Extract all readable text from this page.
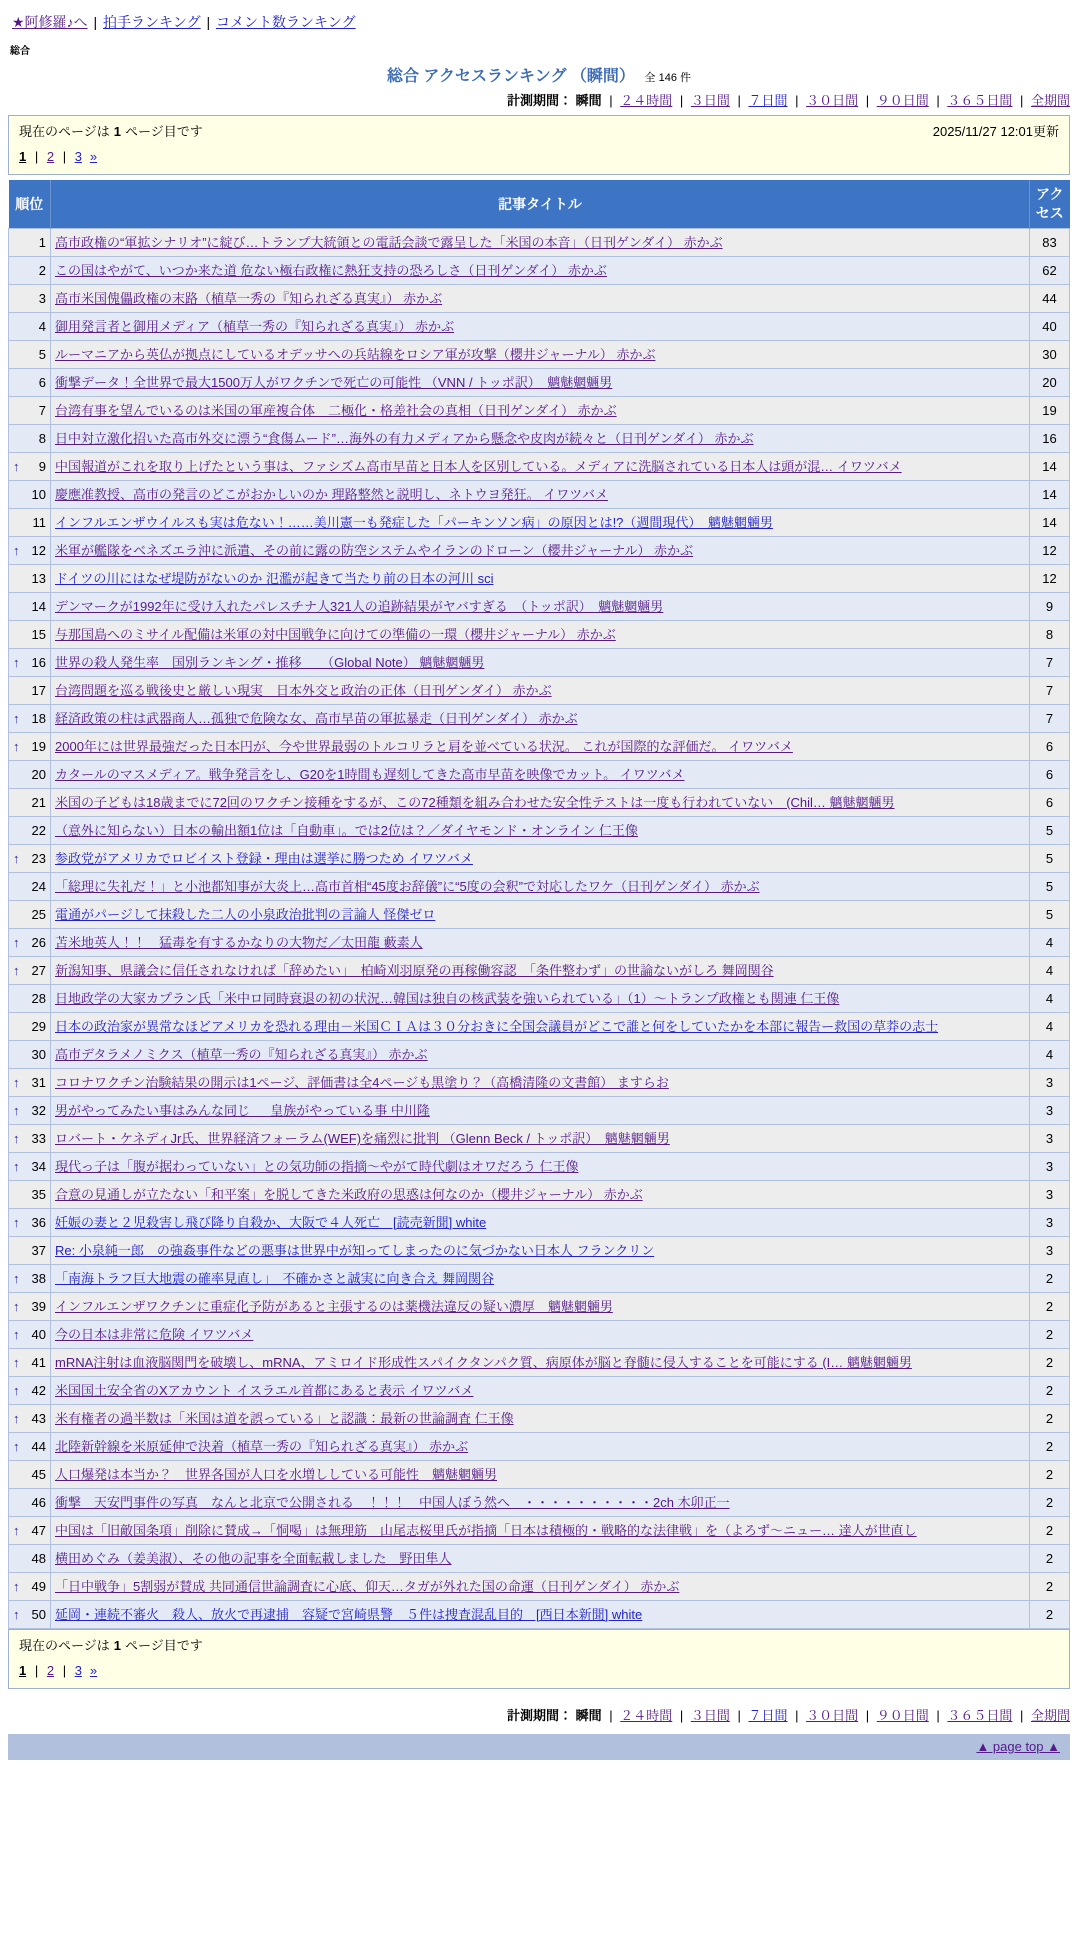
★阿修羅♪へ | 拍手ランキング | コメント数ランキング
総合
総合 アクセスランキング （瞬間） 全 146 件
計測期間： 瞬間 | ２４時間 | ３日間 | ７日間 | ３０日間 | ９０日間 | ３６５日間 | 全期間
現在のページは 1 ページ目です	2025/11/27 12:01更新
1 | 2 | 3 »
順位	記事タイトル	アクセス

1	高市政権の“軍拡シナリオ”に綻び…トランプ大統領との電話会談で露呈した「米国の本音」（日刊ゲンダイ） 赤かぶ	83

2	この国はやがて、いつか来た道 危ない極右政権に熱狂支持の恐ろしさ（日刊ゲンダイ） 赤かぶ	62

3	高市米国傀儡政権の末路（植草一秀の『知られざる真実』） 赤かぶ	44

4	御用発言者と御用メディア（植草一秀の『知られざる真実』） 赤かぶ	40

5	ルーマニアから英仏が拠点にしているオデッサへの兵站線をロシア軍が攻撃（櫻井ジャーナル） 赤かぶ	30

6	衝撃データ！全世界で最大1500万人がワクチンで死亡の可能性 （VNN / トッポ訳）　魑魅魍魎男	20

7	台湾有事を望んでいるのは米国の軍産複合体　二極化・格差社会の真相（日刊ゲンダイ） 赤かぶ	19

8	日中対立激化招いた高市外交に漂う“食傷ムード”…海外の有力メディアから懸念や皮肉が続々と（日刊ゲンダイ） 赤かぶ	16

↑ 9	中国報道がこれを取り上げたという事は、ファシズム高市早苗と日本人を区別している。メディアに洗脳されている日本人は頭が混… イワツバメ	14

10	慶應准教授、高市の発言のどこがおかしいのか 理路整然と説明し、ネトウヨ発狂。 イワツバメ	14

11	インフルエンザウイルスも実は危ない！……美川憲一も発症した「パーキンソン病」の原因とは!?（週間現代）　魑魅魍魎男	14

↑ 12	米軍が艦隊をベネズエラ沖に派遣、その前に露の防空システムやイランのドローン（櫻井ジャーナル） 赤かぶ	12

13	ドイツの川にはなぜ堤防がないのか 氾濫が起きて当たり前の日本の河川 sci	12

14	デンマークが1992年に受け入れたパレスチナ人321人の追跡結果がヤバすぎる　（トッポ訳）　魑魅魍魎男	9

15	与那国島へのミサイル配備は米軍の対中国戦争に向けての準備の一環（櫻井ジャーナル） 赤かぶ	8

↑ 16	世界の殺人発生率　国別ランキング・推移　　（Global Note） 魑魅魍魎男	7

17	台湾問題を巡る戦後史と厳しい現実　日本外交と政治の正体（日刊ゲンダイ） 赤かぶ	7

↑ 18	経済政策の柱は武器商人…孤独で危険な女、高市早苗の軍拡暴走（日刊ゲンダイ） 赤かぶ	7

↑ 19	2000年には世界最強だった日本円が、今や世界最弱のトルコリラと肩を並べている状況。 これが国際的な評価だ。 イワツバメ	6

20	カタールのマスメディア。戦争発言をし、G20を1時間も遅刻してきた高市早苗を映像でカット。 イワツバメ	6

21	米国の子どもは18歳までに72回のワクチン接種をするが、この72種類を組み合わせた安全性テストは一度も行われていない　(Chil… 魑魅魍魎男	6

22	（意外に知らない）日本の輸出額1位は「自動車」。では2位は？／ダイヤモンド・オンライン 仁王像	5

↑ 23	参政党がアメリカでロビイスト登録・理由は選挙に勝つため イワツバメ	5

24	「総理に失礼だ！」と小池都知事が大炎上…高市首相“45度お辞儀”に“5度の会釈”で対応したワケ（日刊ゲンダイ） 赤かぶ	5

25	電通がパージして抹殺した二人の小泉政治批判の言論人 怪傑ゼロ	5

↑ 26	苫米地英人！！　猛毒を有するかなりの大物だ／太田龍 藪素人	4

↑ 27	新潟知事、県議会に信任されなければ「辞めたい」　柏崎刈羽原発の再稼働容認　「条件整わず」の世論ないがしろ 舞岡関谷	4

28	日地政学の大家カプラン氏「米中ロ同時衰退の初の状況…韓国は独自の核武装を強いられている」（1）〜トランプ政権とも関連 仁王像	4

29	日本の政治家が異常なほどアメリカを恐れる理由－米国ＣＩＡは３０分おきに全国会議員がどこで誰と何をしていたかを本部に報告ー救国の草莽の志士	4

30	高市デタラメノミクス（植草一秀の『知られざる真実』） 赤かぶ	4

↑ 31	コロナワクチン治験結果の開示は1ページ、評価書は全4ページも黒塗り？（高橋清隆の文書館） ますらお	3

↑ 32	男がやってみたい事はみんな同じ ＿ 皇族がやっている事 中川隆	3

↑ 33	ロバート・ケネディJr氏、世界経済フォーラム(WEF)を痛烈に批判 （Glenn Beck / トッポ訳）　魑魅魍魎男	3

↑ 34	現代っ子は「腹が据わっていない」との気功師の指摘〜やがて時代劇はオワだろう 仁王像	3

35	合意の見通しが立たない「和平案」を脱してきた米政府の思惑は何なのか（櫻井ジャーナル） 赤かぶ	3

↑ 36	妊娠の妻と２児殺害し飛び降り自殺か、大阪で４人死亡　[読売新聞] white	3

37	Re: 小泉純一郎　の強姦事件などの悪事は世界中が知ってしまったのに気づかない日本人 フランクリン	3

↑ 38	「南海トラフ巨大地震の確率見直し」　不確かさと誠実に向き合え 舞岡関谷	2

↑ 39	インフルエンザワクチンに重症化予防があると主張するのは薬機法違反の疑い濃厚　魑魅魍魎男	2

↑ 40	今の日本は非常に危険 イワツバメ	2

↑ 41	mRNA注射は血液脳関門を破壊し、mRNA、アミロイド形成性スパイクタンパク質、病原体が脳と脊髄に侵入することを可能にする (I… 魑魅魍魎男	2

↑ 42	米国国土安全省のXアカウント イスラエル首都にあると表示 イワツバメ	2

↑ 43	米有権者の過半数は「米国は道を誤っている」と認識：最新の世論調査 仁王像	2

↑ 44	北陸新幹線を米原延伸で決着（植草一秀の『知られざる真実』） 赤かぶ	2

45	人口爆発は本当か？　世界各国が人口を水増ししている可能性　魑魅魍魎男	2

46	衝撃　天安門事件の写真　なんと北京で公開される　！！！　中国人ぼう然へ　・・・・・・・・・・2ch 木卯正一	2

↑ 47	中国は「旧敵国条項」削除に賛成→「恫喝」は無理筋　山尾志桜里氏が指摘「日本は積極的・戦略的な法律戦」を（よろず〜ニュー… 達人が世直し	2

48	横田めぐみ（姜美淑）、その他の記事を全面転載しました　野田隼人	2

↑ 49	「日中戦争」5割弱が賛成 共同通信世論調査に心底、仰天…タガが外れた国の命運（日刊ゲンダイ） 赤かぶ	2

↑ 50	延岡・連続不審火　殺人、放火で再逮捕　容疑で宮崎県警　５件は捜査混乱目的　[西日本新聞] white	2
現在のページは 1 ページ目です
1 | 2 | 3 »
計測期間： 瞬間 | ２４時間 | ３日間 | ７日間 | ３０日間 | ９０日間 | ３６５日間 | 全期間
▲ page top ▲
